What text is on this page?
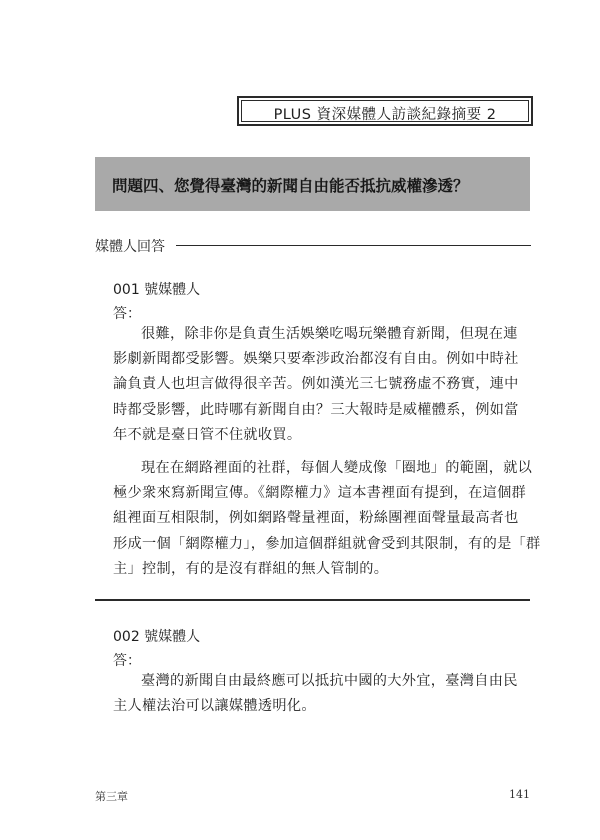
PLUS 資深媒體人訪談紀錄摘要 2
問題四、您覺得臺灣的新聞自由能否抵抗威權滲透？
媒體人回答
001 號媒體人
答：
很難，除非你是負責生活娛樂吃喝玩樂體育新聞，但現在連
影劇新聞都受影響。娛樂只要牽涉政治都沒有自由。例如中時社
論負責人也坦言做得很辛苦。例如漢光三七號務虛不務實，連中
時都受影響，此時哪有新聞自由？三大報時是威權體系，例如當
年不就是臺日管不住就收買。
現在在網路裡面的社群，每個人變成像「圈地」的範圍，就以
極少衆來寫新聞宣傳。《網際權力》這本書裡面有提到，在這個群
組裡面互相限制，例如網路聲量裡面，粉絲團裡面聲量最高者也
形成一個「網際權力」，參加這個群組就會受到其限制，有的是「群
主」控制，有的是沒有群組的無人管制的。
002 號媒體人
答：
臺灣的新聞自由最終應可以抵抗中國的大外宜，臺灣自由民
主人權法治可以讓媒體透明化。
第三章	141
